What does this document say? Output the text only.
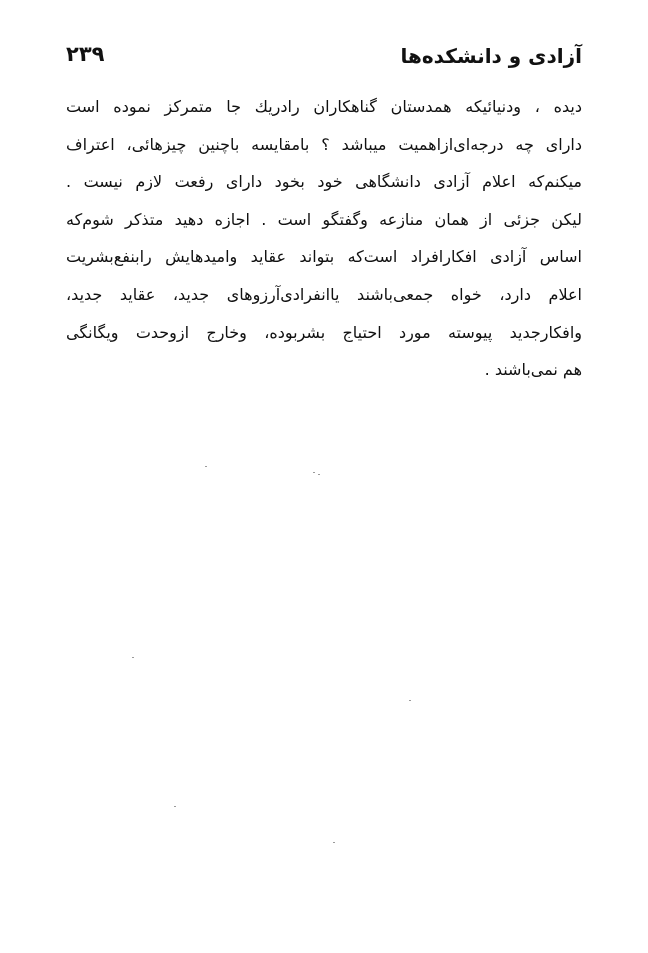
آزادی و دانشکده‌ها
۲۳۹
دیده ، ودنیائیکه همدستان گناهکاران رادریك جا متمرکز نموده است
دارای چه درجه‌ای‌ازاهمیت میباشد ؟ بامقایسه باچنین چیزهائی، اعتراف
میکنم‌که اعلام آزادی دانشگاهی خود بخود دارای رفعت لازم نیست .
لیکن جزئی از همان منازعه وگفتگو است . اجازه دهید متذکر شوم‌که
اساس آزادی افکارافراد است‌که بتواند عقاید وامیدهایش رابنفع‌بشریت
اعلام دارد، خواه جمعی‌باشند یاانفرادی‌آرزوهای جدید، عقاید جدید،
وافکارجدید پیوسته مورد احتیاج بشربوده، وخارج ازوحدت ویگانگی
هم نمی‌باشند .
